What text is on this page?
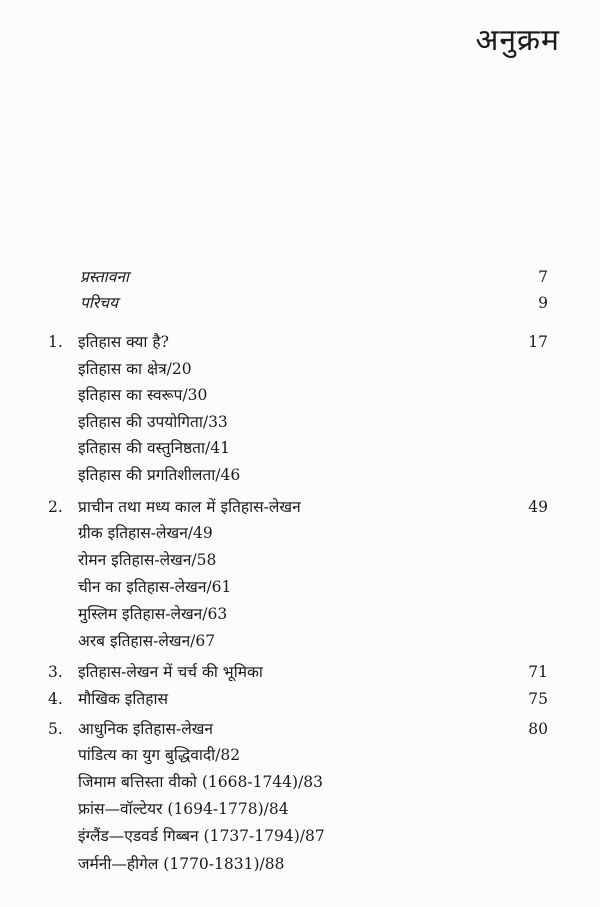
अनुक्रम
प्रस्तावना	7
परिचय	9
1. इतिहास क्या है?	17
इतिहास का क्षेत्र/20
इतिहास का स्वरूप/30
इतिहास की उपयोगिता/33
इतिहास की वस्तुनिष्ठता/41
इतिहास की प्रगतिशीलता/46
2. प्राचीन तथा मध्य काल में इतिहास-लेखन	49
ग्रीक इतिहास-लेखन/49
रोमन इतिहास-लेखन/58
चीन का इतिहास-लेखन/61
मुस्लिम इतिहास-लेखन/63
अरब इतिहास-लेखन/67
3. इतिहास-लेखन में चर्च की भूमिका	71
4. मौखिक इतिहास	75
5. आधुनिक इतिहास-लेखन	80
पांडित्य का युग बुद्धिवादी/82
जिमाम बत्तिस्ता वीको (1668-1744)/83
फ्रांस—वॉल्टेयर (1694-1778)/84
इंग्लैंड—एडवर्ड गिब्बन (1737-1794)/87
जर्मनी—हीगेल (1770-1831)/88
